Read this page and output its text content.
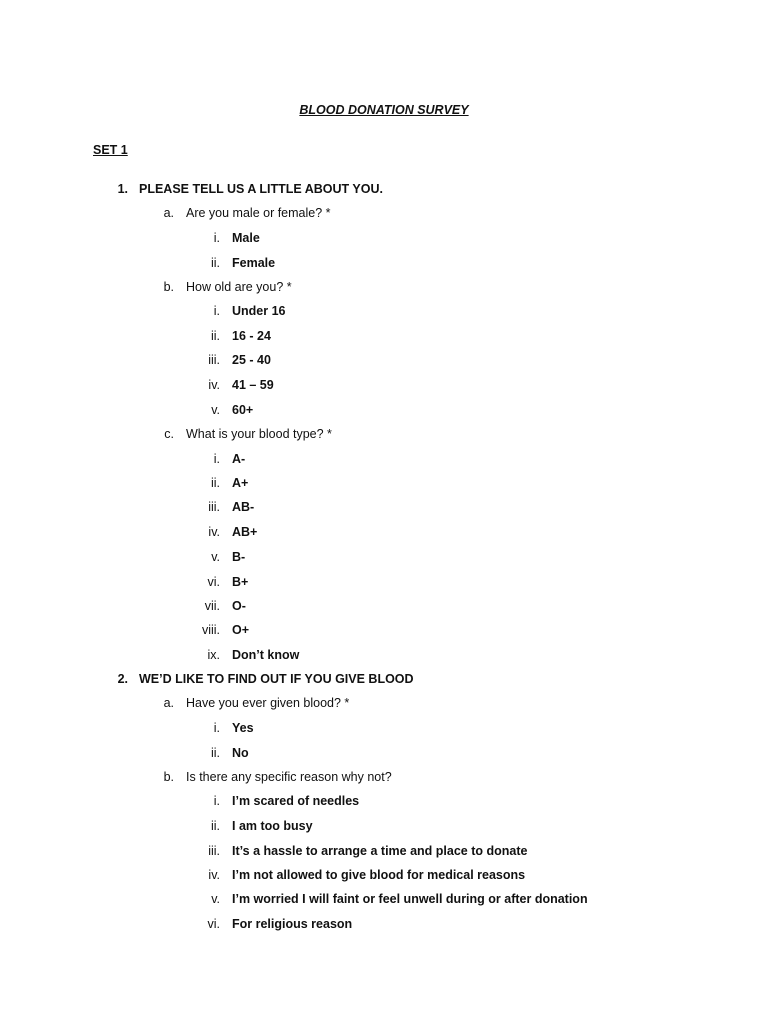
BLOOD DONATION SURVEY
SET 1
1. PLEASE TELL US A LITTLE ABOUT YOU.
a. Are you male or female? *
i. Male
ii. Female
b. How old are you? *
i. Under 16
ii. 16 - 24
iii. 25 - 40
iv. 41 – 59
v. 60+
c. What is your blood type? *
i. A-
ii. A+
iii. AB-
iv. AB+
v. B-
vi. B+
vii. O-
viii. O+
ix. Don’t know
2. WE’D LIKE TO FIND OUT IF YOU GIVE BLOOD
a. Have you ever given blood? *
i. Yes
ii. No
b. Is there any specific reason why not?
i. I’m scared of needles
ii. I am too busy
iii. It’s a hassle to arrange a time and place to donate
iv. I’m not allowed to give blood for medical reasons
v. I’m worried I will faint or feel unwell during or after donation
vi. For religious reason
